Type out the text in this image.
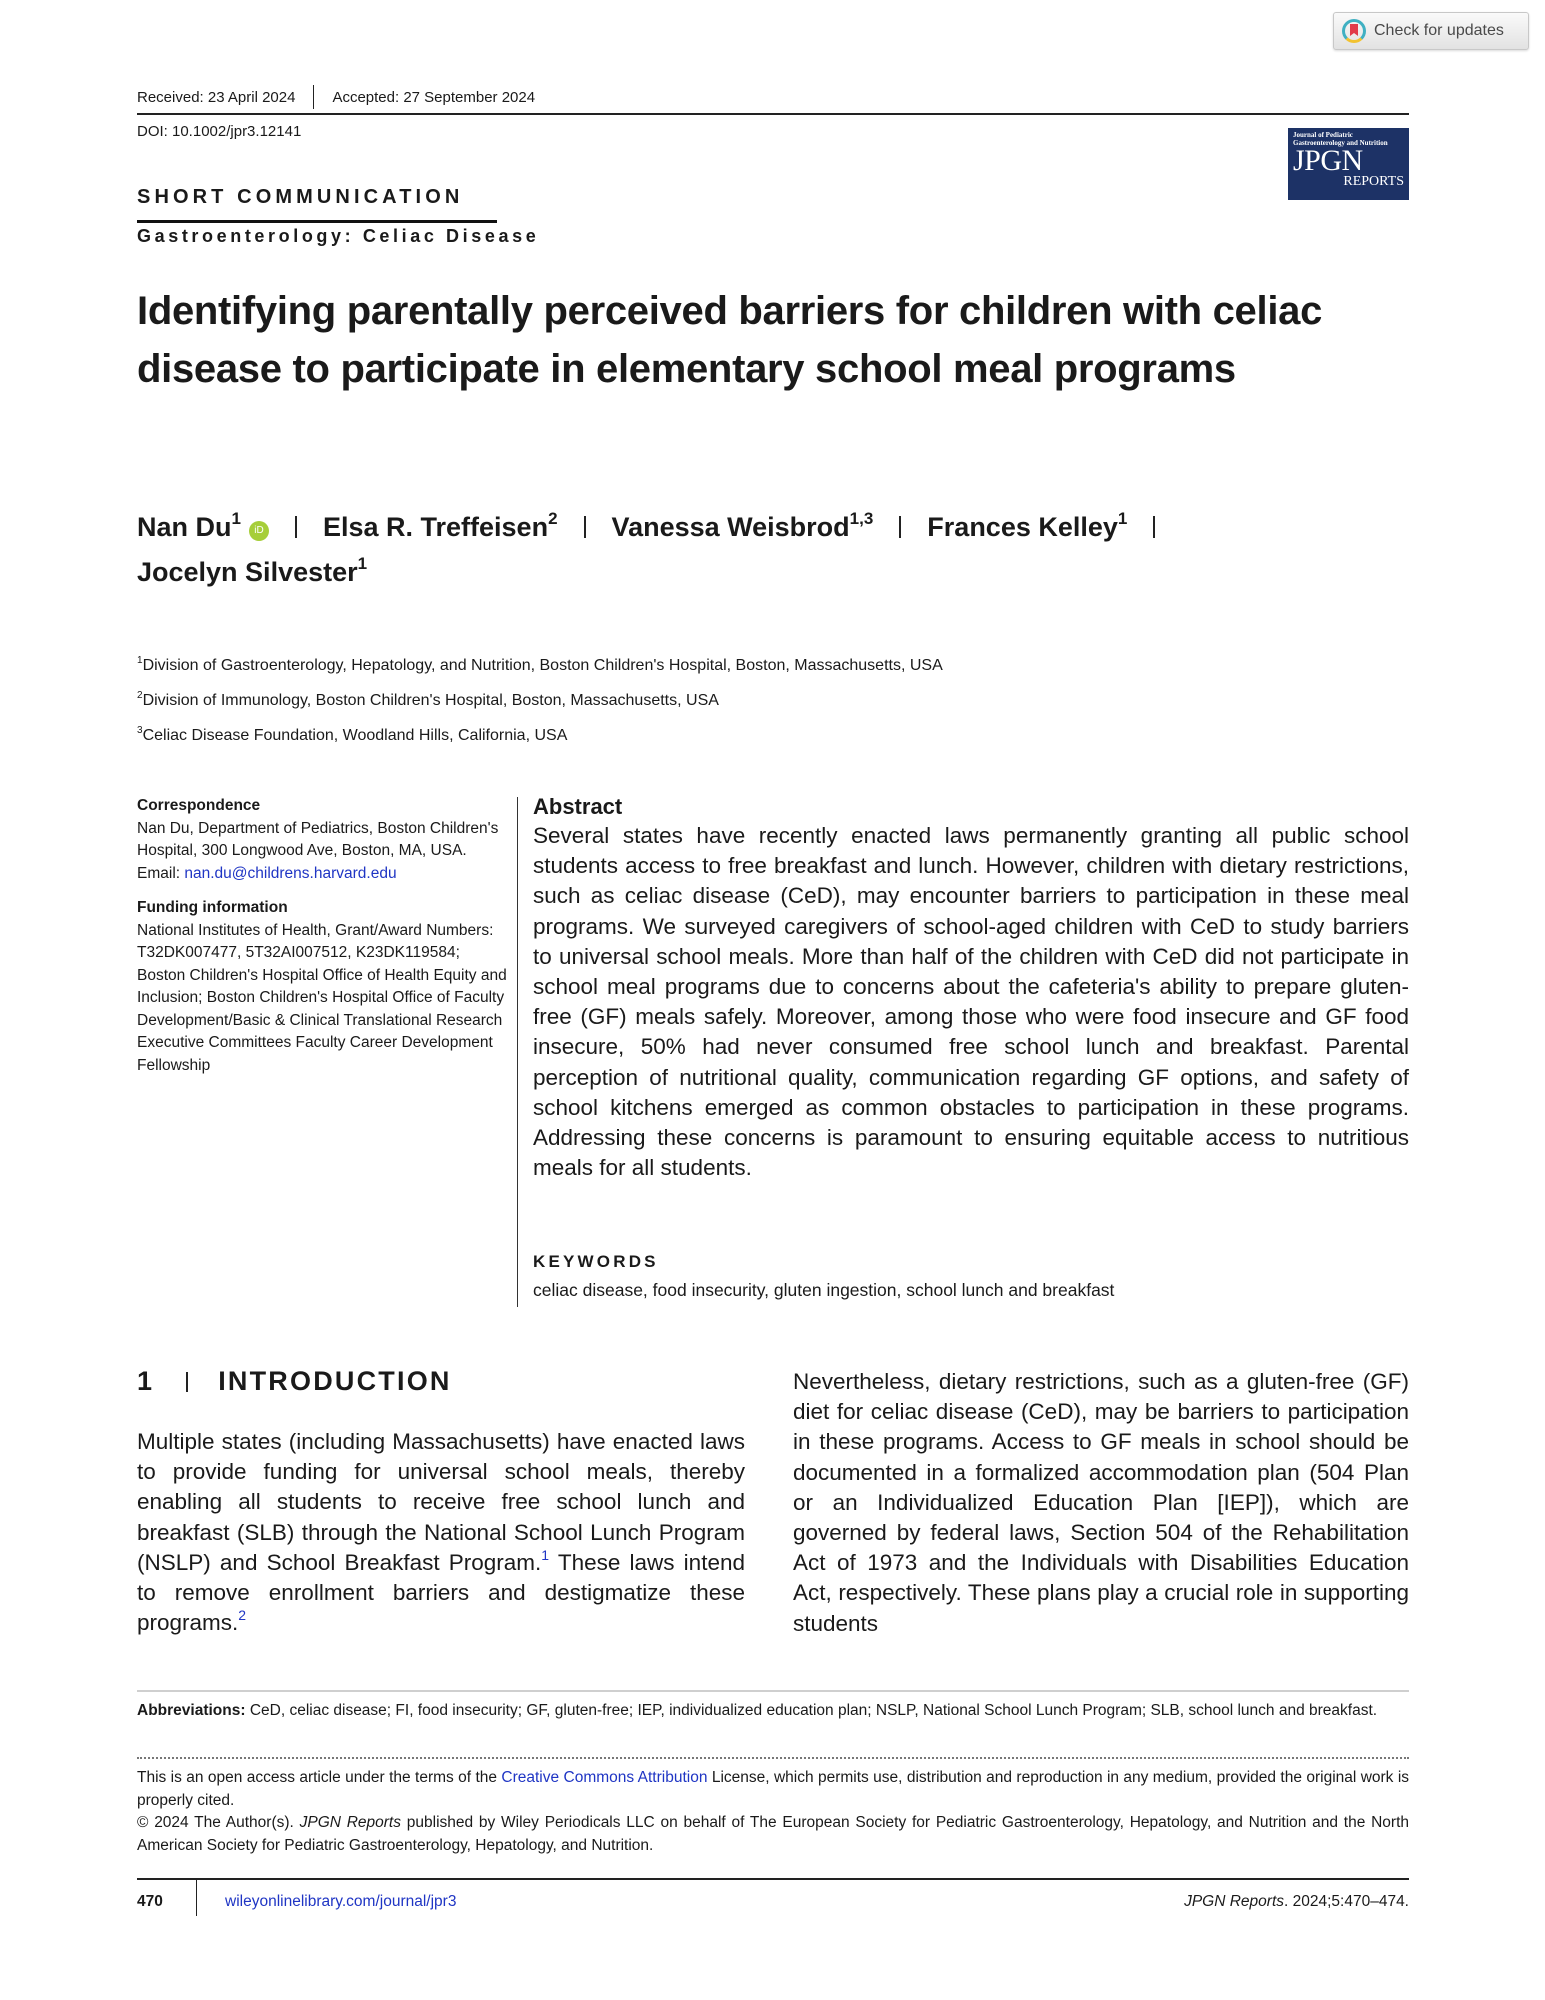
Check for updates
Received: 23 April 2024 Accepted: 27 September 2024
DOI: 10.1002/jpr3.12141	Journal of Pediatric Gastroenterology and Nutrition
JPGN
REPORTS
SHORT COMMUNICATION
Gastroenterology: Celiac Disease
Identifying parentally perceived barriers for children with celiac disease to participate in elementary school meal programs
Nan Du$^1$iD Elsa R. Treffeisen$^2$ Vanessa Weisbrod$^{1,3}$ Frances Kelley$^1$
Jocelyn Silvester$^1$
$^1$Division of Gastroenterology, Hepatology, and Nutrition, Boston Children's Hospital, Boston, Massachusetts, USA
$^2$Division of Immunology, Boston Children's Hospital, Boston, Massachusetts, USA
$^3$Celiac Disease Foundation, Woodland Hills, California, USA
Correspondence
Nan Du, Department of Pediatrics, Boston Children's Hospital, 300 Longwood Ave, Boston, MA, USA.
Email: nan.du@childrens.harvard.edu
Funding information
National Institutes of Health, Grant/Award Numbers: T32DK007477, 5T32AI007512, K23DK119584; Boston Children's Hospital Office of Health Equity and Inclusion; Boston Children's Hospital Office of Faculty Development/Basic & Clinical Translational Research Executive Committees Faculty Career Development Fellowship
Abstract

Several states have recently enacted laws permanently granting all public school students access to free breakfast and lunch. However, children with dietary restrictions, such as celiac disease (CeD), may encounter barriers to participation in these meal programs. We surveyed caregivers of school-aged children with CeD to study barriers to universal school meals. More than half of the children with CeD did not participate in school meal programs due to concerns about the cafeteria's ability to prepare gluten-free (GF) meals safely. Moreover, among those who were food insecure and GF food insecure, 50% had never consumed free school lunch and breakfast. Parental perception of nutritional quality, communication regarding GF options, and safety of school kitchens emerged as common obstacles to participation in these programs. Addressing these concerns is paramount to ensuring equitable access to nutritious meals for all students.

KEYWORDS
celiac disease, food insecurity, gluten ingestion, school lunch and breakfast
1 INTRODUCTION
Multiple states (including Massachusetts) have enacted laws to provide funding for universal school meals, thereby enabling all students to receive free school lunch and breakfast (SLB) through the National School Lunch Program (NSLP) and School Breakfast Program.$^1$ These laws intend to remove enrollment barriers and destigmatize these programs.$^2$
Nevertheless, dietary restrictions, such as a gluten-free (GF) diet for celiac disease (CeD), may be barriers to participation in these programs. Access to GF meals in school should be documented in a formalized accommodation plan (504 Plan or an Individualized Education Plan [IEP]), which are governed by federal laws, Section 504 of the Rehabilitation Act of 1973 and the Individuals with Disabilities Education Act, respectively. These plans play a crucial role in supporting students
Abbreviations: CeD, celiac disease; FI, food insecurity; GF, gluten-free; IEP, individualized education plan; NSLP, National School Lunch Program; SLB, school lunch and breakfast.
This is an open access article under the terms of the Creative Commons Attribution License, which permits use, distribution and reproduction in any medium, provided the original work is properly cited.
© 2024 The Author(s). JPGN Reports published by Wiley Periodicals LLC on behalf of The European Society for Pediatric Gastroenterology, Hepatology, and Nutrition and the North American Society for Pediatric Gastroenterology, Hepatology, and Nutrition.
470	wileyonlinelibrary.com/journal/jpr3	JPGN Reports. 2024;5:470–474.
